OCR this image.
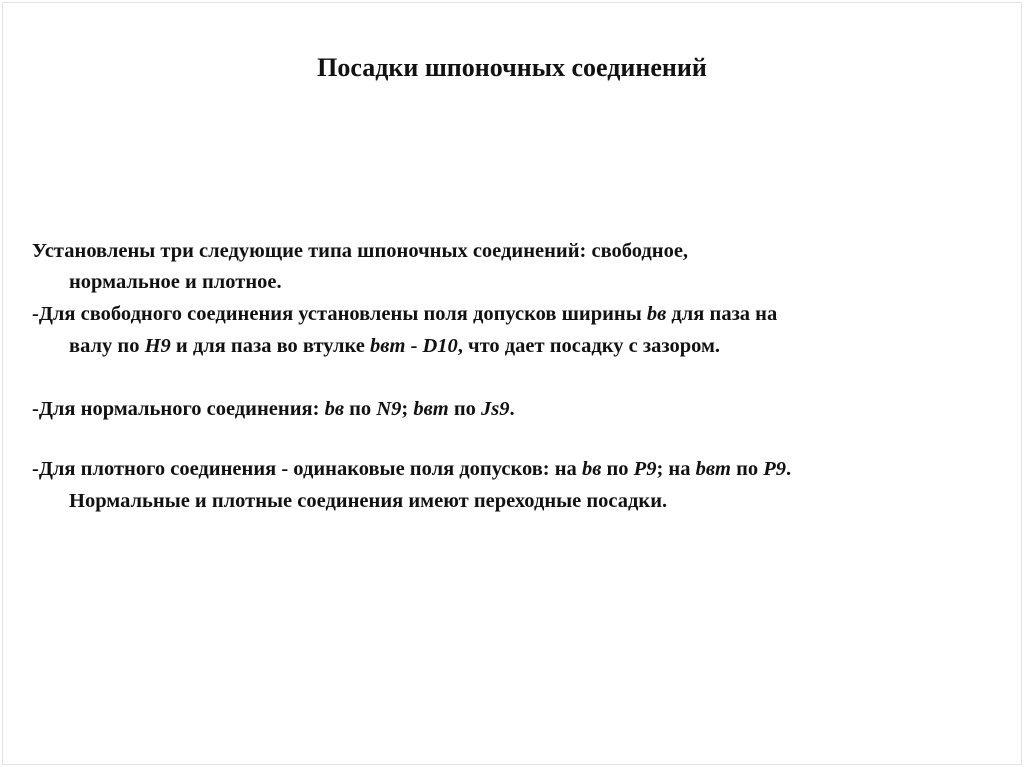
Посадки шпоночных соединений
Установлены три следующие типа шпоночных соединений: свободное,
нормальное и плотное.
-Для свободного соединения установлены поля допусков ширины bв для паза на
валу по H9 и для паза во втулке bвт - D10, что дает посадку с зазором.
-Для нормального соединения: bв по N9; bвт по Js9.
-Для плотного соединения - одинаковые поля допусков: на bв по P9; на bвт по P9.
Нормальные и плотные соединения имеют переходные посадки.
